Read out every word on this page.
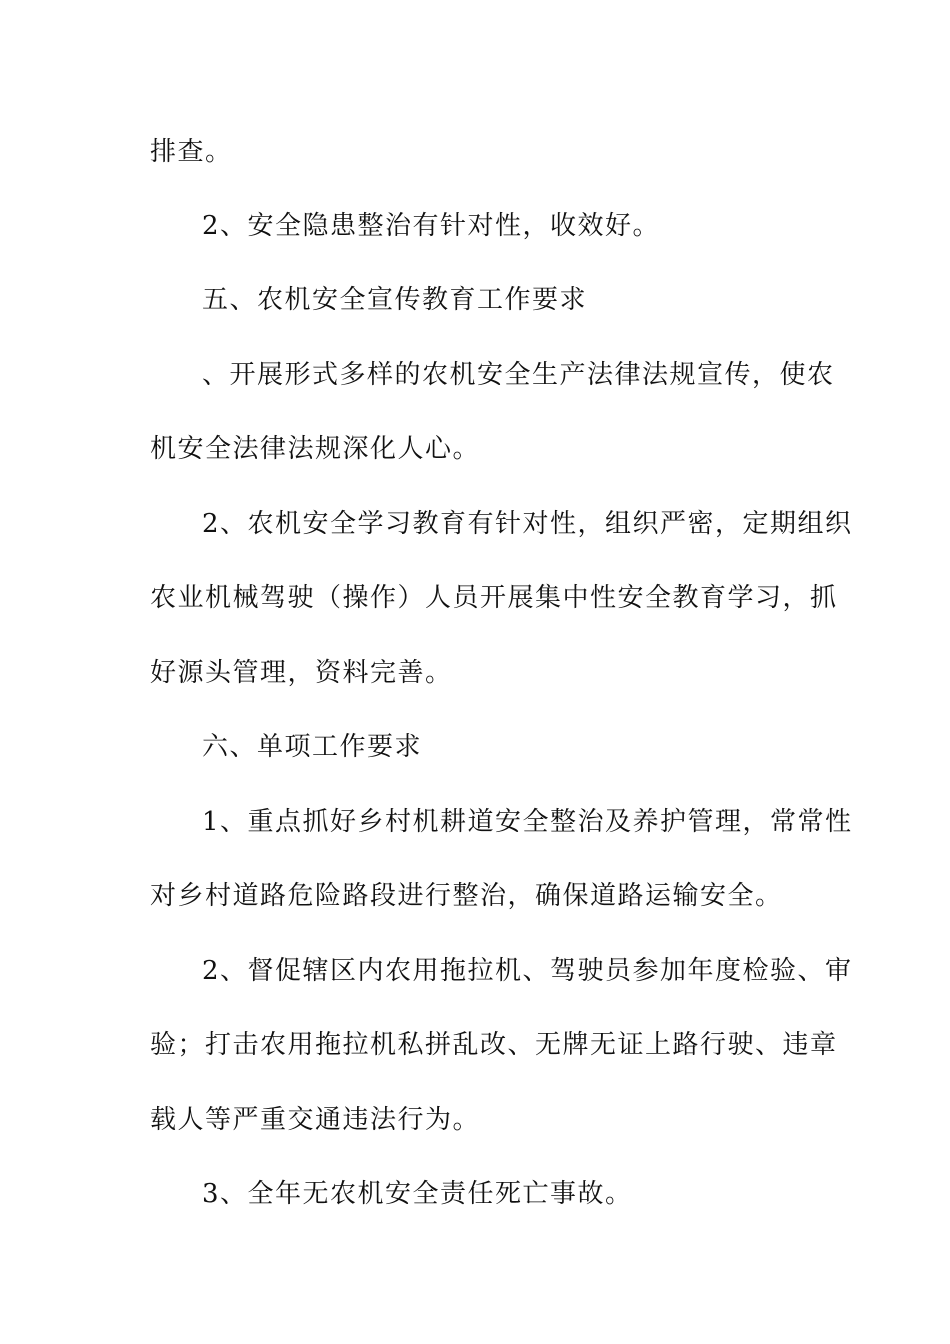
排查。

2、安全隐患整治有针对性，收效好。

五、农机安全宣传教育工作要求

、开展形式多样的农机安全生产法律法规宣传，使农

机安全法律法规深化人心。

2、农机安全学习教育有针对性，组织严密，定期组织

农业机械驾驶（操作）人员开展集中性安全教育学习，抓

好源头管理，资料完善。

六、单项工作要求

1、重点抓好乡村机耕道安全整治及养护管理，常常性

对乡村道路危险路段进行整治，确保道路运输安全。

2、督促辖区内农用拖拉机、驾驶员参加年度检验、审

验；打击农用拖拉机私拼乱改、无牌无证上路行驶、违章

载人等严重交通违法行为。

3、全年无农机安全责任死亡事故。
